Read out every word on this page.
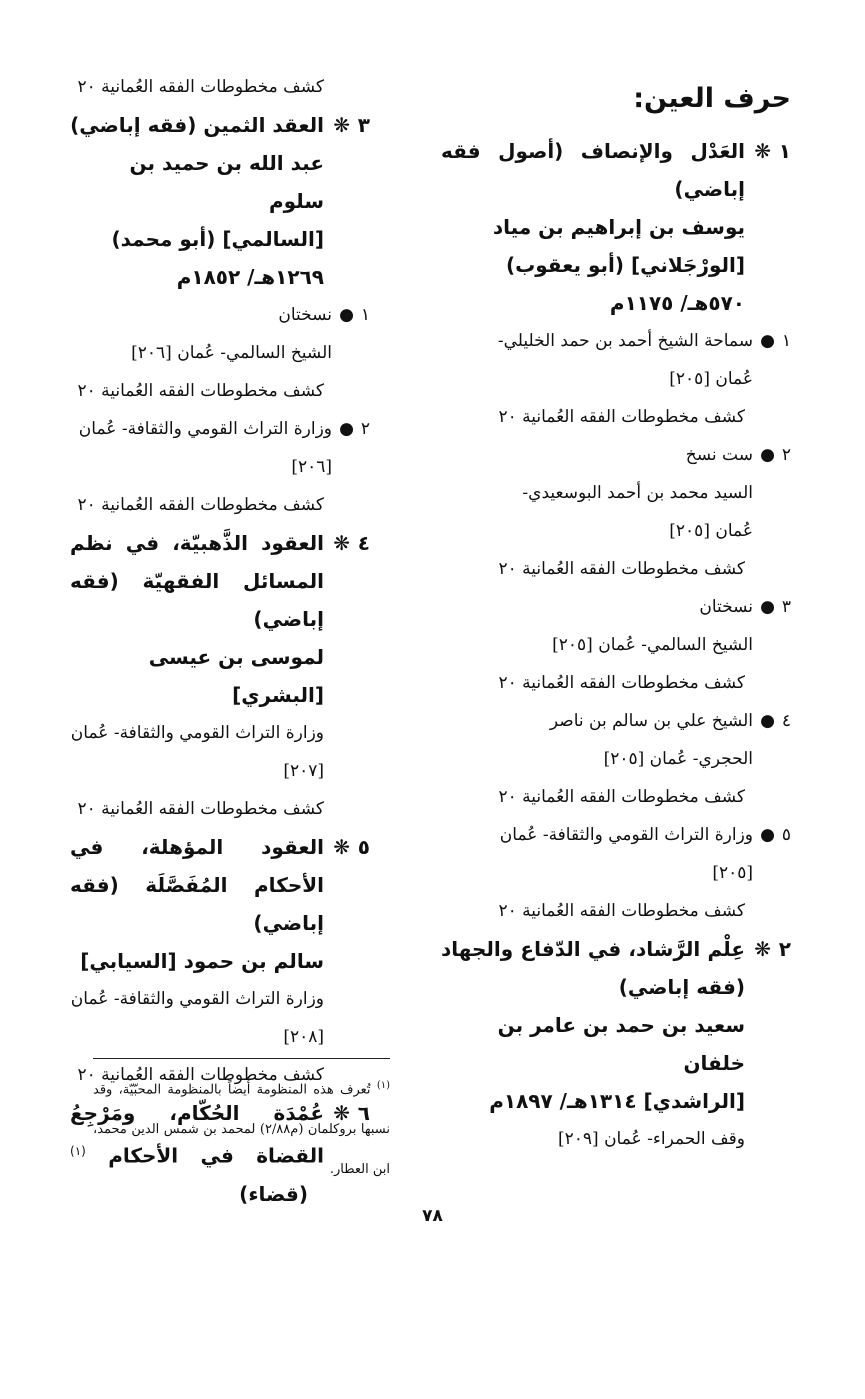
حرف العين:
١
❋
العَدْل والإنصاف (أصول فقه إباضي)
يوسف بن إبراهيم بن مياد
[الورْجَلاني] (أبو يعقوب)
٥٧٠هـ/ ١١٧٥م
١
●
سماحة الشيخ أحمد بن حمد الخليلي-
عُمان [٢٠٥]
كشف مخطوطات الفقه العُمانية ٢٠
٢
●
ست نسخ
السيد محمد بن أحمد البوسعيدي-
عُمان [٢٠٥]
كشف مخطوطات الفقه العُمانية ٢٠
٣
●
نسختان
الشيخ السالمي- عُمان [٢٠٥]
كشف مخطوطات الفقه العُمانية ٢٠
٤
●
الشيخ علي بن سالم بن ناصر
الحجري- عُمان [٢٠٥]
كشف مخطوطات الفقه العُمانية ٢٠
٥
●
وزارة التراث القومي والثقافة- عُمان
[٢٠٥]
كشف مخطوطات الفقه العُمانية ٢٠
٢
❋
عِلْم الرَّشاد، في الدّفاع والجهاد (فقه إباضي)
سعيد بن حمد بن عامر بن خلفان
[الراشدي] ١٣١٤هـ/ ١٨٩٧م
وقف الحمراء- عُمان [٢٠٩]
كشف مخطوطات الفقه العُمانية ٢٠
٣
❋
العقد الثمين (فقه إباضي)
عبد الله بن حميد بن سلوم
[السالمي] (أبو محمد)
١٢٦٩هـ/ ١٨٥٢م
١
●
نسختان
الشيخ السالمي- عُمان [٢٠٦]
كشف مخطوطات الفقه العُمانية ٢٠
٢
●
وزارة التراث القومي والثقافة- عُمان
[٢٠٦]
كشف مخطوطات الفقه العُمانية ٢٠
٤
❋
العقود الذَّهبيّة، في نظم المسائل الفقهيّة (فقه إباضي)
لموسى بن عيسى [البشري]
وزارة التراث القومي والثقافة- عُمان
[٢٠٧]
كشف مخطوطات الفقه العُمانية ٢٠
٥
❋
العقود المؤهلة، في الأحكام المُفَصَّلَة (فقه إباضي)
سالم بن حمود [السيابي]
وزارة التراث القومي والثقافة- عُمان
[٢٠٨]
كشف مخطوطات الفقه العُمانية ٢٠
٦
❋
عُمْدَة الحُكّام، ومَرْجِعُ القضاة في الأحكام $^{(١)}$ (قضاء)
$^{(١)}$ تُعرف هذه المنظومة أيضاً بالمنظومة المحبّيّة، وقد نسبها بروكلمان (م٢/٨٨) لمحمد بن شمس الدين محمد، ابن العطار.
٧٨
